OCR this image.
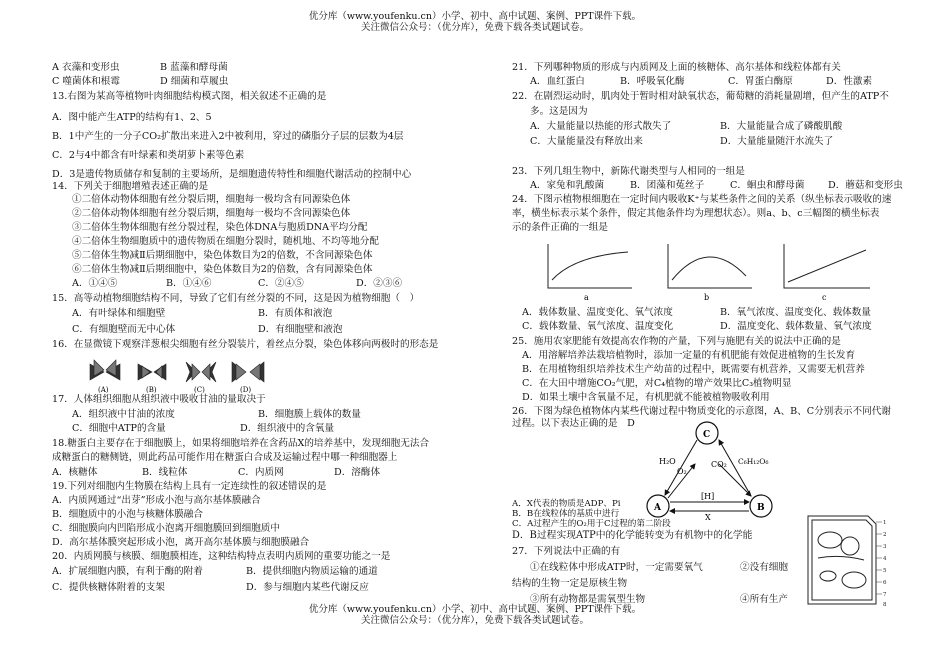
优分库（www.youfenku.cn）小学、初中、高中试题、案例、PPT课件下载。
关注微信公众号：（优分库），免费下载各类试题试卷。
A 衣藻和变形虫	B 蓝藻和酵母菌
C 噬菌体和根霉	D 细菌和草履虫
13.右图为某高等植物叶肉细胞结构模式图，相关叙述不正确的是
A．图中能产生ATP的结构有1、2、5
B．1中产生的一分子CO₂扩散出来进入2中被利用，穿过的磷脂分子层的层数为4层
C．2与4中都含有叶绿素和类胡萝卜素等色素
D．3是遗传物质储存和复制的主要场所，是细胞遗传特性和细胞代谢活动的控制中心
14．下列关于细胞增殖表述正确的是
①二倍体动物体细胞有丝分裂后期，细胞每一极均含有同源染色体
②二倍体动物体细胞有丝分裂后期，细胞每一极均不含同源染色体
③二倍体生物体细胞有丝分裂过程，染色体DNA与胞质DNA平均分配
④二倍体生物细胞质中的遗传物质在细胞分裂时，随机地、不均等地分配
⑤二倍体生物减Ⅱ后期细胞中，染色体数目为2的倍数，不含同源染色体
⑥二倍体生物减Ⅱ后期细胞中，染色体数目为2的倍数，含有同源染色体
A．①④⑤	B．①④⑥	C．②④⑤	D．②③⑥
15．高等动植物细胞结构不同，导致了它们有丝分裂的不同，这是因为植物细胞（　）
A．有叶绿体和细胞壁	B．有质体和液泡
C．有细胞壁而无中心体	D．有细胞壁和液泡
16．在显微镜下观察洋葱根尖细胞有丝分裂装片，着丝点分裂，染色体移向两极时的形态是
(A)	(B)	(C)	(D)
17．人体组织细胞从组织液中吸收甘油的量取决于
A．组织液中甘油的浓度	B．细胞膜上载体的数量
C．细胞中ATP的含量	D．组织液中的含氧量
18.糖蛋白主要存在于细胞膜上，如果将细胞培养在含药品X的培养基中，发现细胞无法合
成糖蛋白的糖侧链，则此药品可能作用在糖蛋白合成及运输过程中哪一种细胞器上
A．核糖体	B．线粒体	C．内质网	D．溶酶体
19.下列对细胞内生物膜在结构上具有一定连续性的叙述错误的是
A．内质网通过“出芽”形成小泡与高尔基体膜融合
B．细胞质中的小泡与核糖体膜融合
C．细胞膜向内凹陷形成小泡离开细胞膜回到细胞质中
D．高尔基体膜突起形成小泡，离开高尔基体膜与细胞膜融合
20．内质网膜与核膜、细胞膜相连，这种结构特点表明内质网的重要功能之一是
A．扩展细胞内膜，有利于酶的附着	B．提供细胞内物质运输的通道
C．提供核糖体附着的支架	D．参与细胞内某些代谢反应
21．下列哪种物质的形成与内质网及上面的核糖体、高尔基体和线粒体都有关
A．血红蛋白	B．呼吸氧化酶	C．胃蛋白酶原	D．性激素
22．在剧烈运动时，肌肉处于暂时相对缺氧状态，葡萄糖的消耗量剧增，但产生的ATP不
多。这是因为
A．大量能量以热能的形式散失了	B．大量能量合成了磷酸肌酸
C．大量能量没有释放出来	D．大量能量随汗水流失了
23．下列几组生物中，新陈代谢类型与人相同的一组是
A．家兔和乳酸菌	B．团藻和菟丝子	C．蛔虫和酵母菌 D．蘑菇和变形虫
24．下图示植物根细胞在一定时间内吸收K⁺与某些条件之间的关系（纵坐标表示吸收的速
率，横坐标表示某个条件，假定其他条件均为理想状态）。则a、b、c三幅图的横坐标表
示的条件正确的一组是
a	b	c
A．载体数量、温度变化、氧气浓度	B．氧气浓度、温度变化、载体数量
C．载体数量、氧气浓度、温度变化	D．温度变化、载体数量、氧气浓度
25．施用农家肥能有效提高农作物的产量，下列与施肥有关的说法中正确的是
A．用溶解培养法栽培植物时，添加一定量的有机肥能有效促进植物的生长发育
B．在用植物组织培养技术生产幼苗的过程中，既需要有机营养，又需要无机营养
C．在大田中增施CO₂气肥，对C₄植物的增产效果比C₃植物明显
D．如果土壤中含氧量不足，有机肥就不能被植物吸收利用
26．下图为绿色植物体内某些代谢过程中物质变化的示意图，A、B、C分别表示不同代谢
过程。以下表达正确的是　D
C
A	B
H₂O
O₂
CO₂ C₆H₁₂O₆
[H]
X
A．X代表的物质是ADP、Pi
B．B在线粒体的基质中进行
C．A过程产生的O₂用于C过程的第二阶段
D．B过程实现ATP中的化学能转变为有机物中的化学能
27．下列说法中正确的有
①在线粒体中形成ATP时，一定需要氧气	②没有细胞
结构的生物一定是原核生物
③所有动物都是需氧型生物	④所有生产
1
2
3
4
5
6
7
8
优分库（www.youfenku.cn）小学、初中、高中试题、案例、PPT课件下载。
关注微信公众号：（优分库），免费下载各类试题试卷。
